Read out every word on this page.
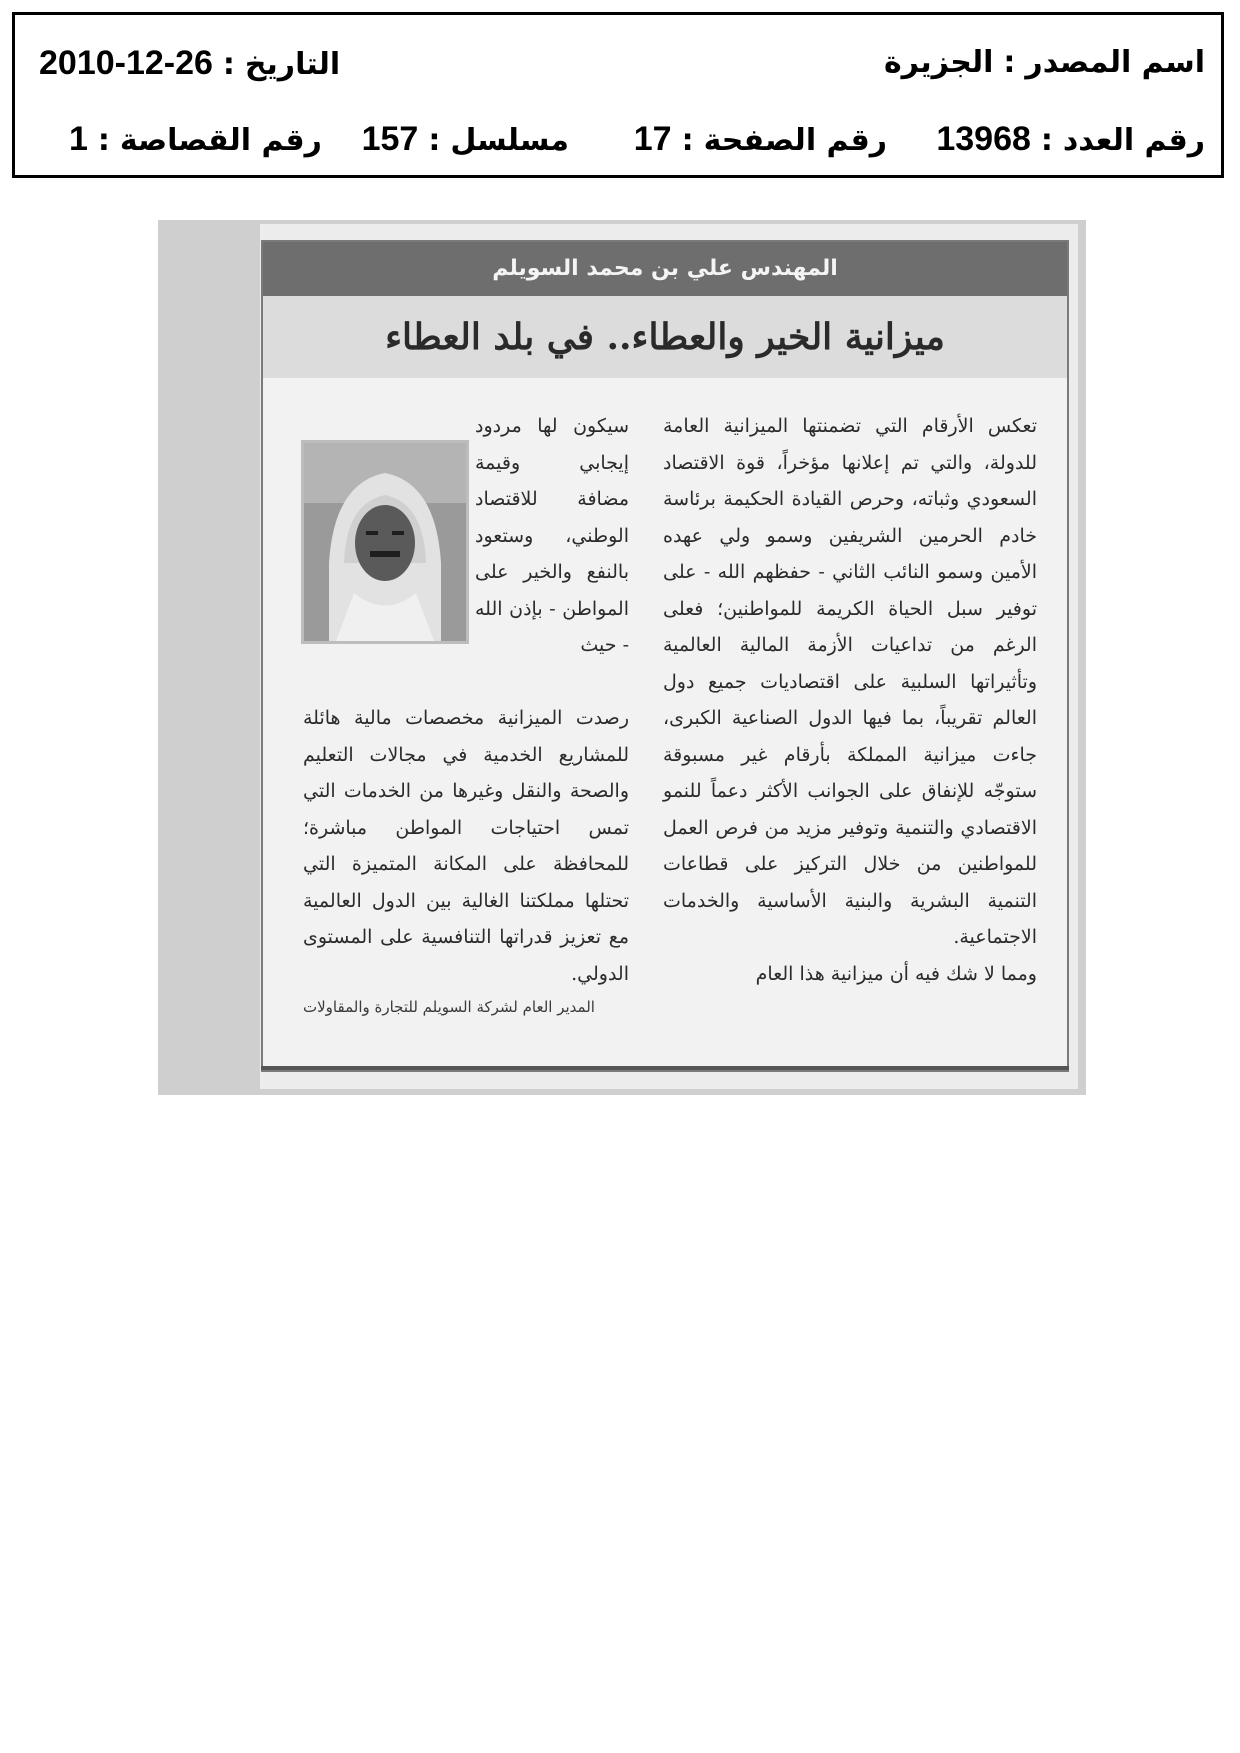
اسم المصدر:الجزيرة
التاريخ:2010-12-26
رقم العدد:13968
رقم الصفحة:17
مسلسل:157
رقم القصاصة:1
المهندس علي بن محمد السويلم
ميزانية الخير والعطاء.. في بلد العطاء

تعكس الأرقام التي تضمنتها الميزانية العامة للدولة، والتي تم إعلانها مؤخراً، قوة الاقتصاد السعودي وثباته، وحرص القيادة الحكيمة برئاسة خادم الحرمين الشريفين وسمو ولي عهده الأمين وسمو النائب الثاني - حفظهم الله - على توفير سبل الحياة الكريمة للمواطنين؛ فعلى الرغم من تداعيات الأزمة المالية العالمية وتأثيراتها السلبية على اقتصاديات جميع دول العالم تقريباً، بما فيها الدول الصناعية الكبرى، جاءت ميزانية المملكة بأرقام غير مسبوقة ستوجّه للإنفاق على الجوانب الأكثر دعماً للنمو الاقتصادي والتنمية وتوفير مزيد من فرص العمل للمواطنين من خلال التركيز على قطاعات التنمية البشرية والبنية الأساسية والخدمات الاجتماعية.

ومما لا شك فيه أن ميزانية هذا العام

سيكون لها مردود إيجابي وقيمة مضافة للاقتصاد الوطني، وستعود بالنفع والخير على المواطن - بإذن الله - حيث

رصدت الميزانية مخصصات مالية هائلة للمشاريع الخدمية في مجالات التعليم والصحة والنقل وغيرها من الخدمات التي تمس احتياجات المواطن مباشرة؛ للمحافظة على المكانة المتميزة التي تحتلها مملكتنا الغالية بين الدول العالمية مع تعزيز قدراتها التنافسية على المستوى الدولي.

المدير العام لشركة السويلم للتجارة والمقاولات
